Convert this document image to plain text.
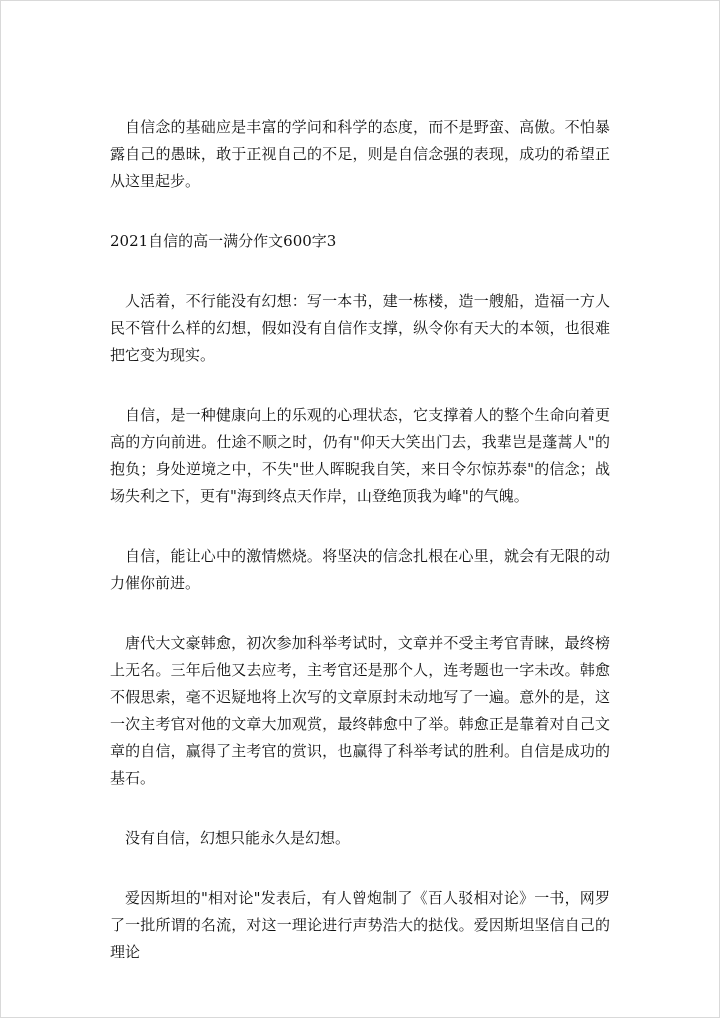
自信念的基础应是丰富的学问和科学的态度，而不是野蛮、高傲。不怕暴露自己的愚昧，敢于正视自己的不足，则是自信念强的表现，成功的希望正从这里起步。

2021自信的高一满分作文600字3

人活着，不行能没有幻想：写一本书，建一栋楼，造一艘船，造福一方人民不管什么样的幻想，假如没有自信作支撑，纵令你有天大的本领，也很难把它变为现实。

自信，是一种健康向上的乐观的心理状态，它支撑着人的整个生命向着更高的方向前进。仕途不顺之时，仍有"仰天大笑出门去，我辈岂是蓬蒿人"的抱负；身处逆境之中，不失"世人晖睨我自笑，来日令尔惊苏泰"的信念；战场失利之下，更有"海到终点天作岸，山登绝顶我为峰"的气魄。

自信，能让心中的激情燃烧。将坚决的信念扎根在心里，就会有无限的动力催你前进。

唐代大文豪韩愈，初次参加科举考试时，文章并不受主考官青睐，最终榜上无名。三年后他又去应考，主考官还是那个人，连考题也一字未改。韩愈不假思索，毫不迟疑地将上次写的文章原封未动地写了一遍。意外的是，这一次主考官对他的文章大加观赏，最终韩愈中了举。韩愈正是靠着对自己文章的自信，赢得了主考官的赏识，也赢得了科举考试的胜利。自信是成功的基石。

没有自信，幻想只能永久是幻想。

爱因斯坦的"相对论"发表后，有人曾炮制了《百人驳相对论》一书，网罗了一批所谓的名流，对这一理论进行声势浩大的挞伐。爱因斯坦坚信自己的理论
